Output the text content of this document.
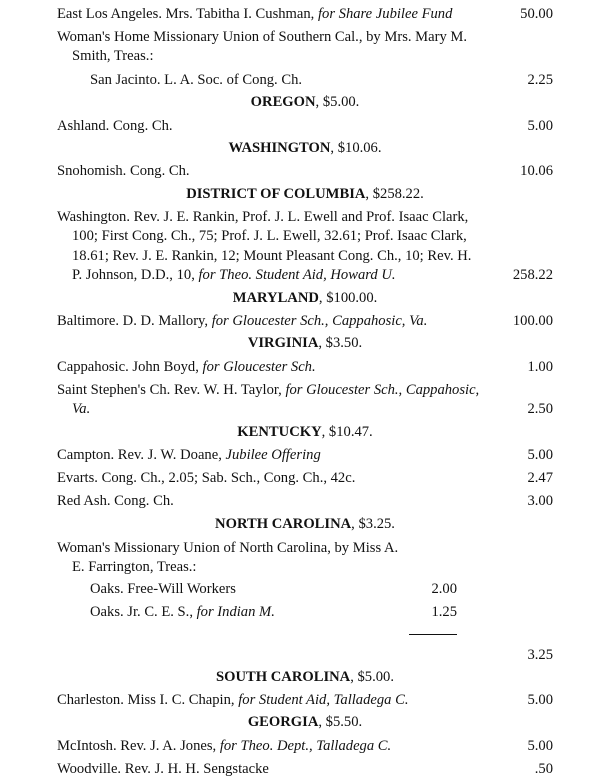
East Los Angeles. Mrs. Tabitha I. Cushman, for Share Jubilee Fund	50.00
Woman's Home Missionary Union of Southern Cal., by Mrs. Mary M.
Smith, Treas.:
San Jacinto. L. A. Soc. of Cong. Ch.	2.25
OREGON, $5.00.
Ashland. Cong. Ch.	5.00
WASHINGTON, $10.06.
Snohomish. Cong. Ch.	10.06
DISTRICT OF COLUMBIA, $258.22.
Washington. Rev. J. E. Rankin, Prof. J. L. Ewell and Prof. Isaac Clark,
100; First Cong. Ch., 75; Prof. J. L. Ewell, 32.61; Prof. Isaac Clark,
18.61; Rev. J. E. Rankin, 12; Mount Pleasant Cong. Ch., 10; Rev. H.
P. Johnson, D.D., 10, for Theo. Student Aid, Howard U.	258.22
MARYLAND, $100.00.
Baltimore. D. D. Mallory, for Gloucester Sch., Cappahosic, Va.	100.00
VIRGINIA, $3.50.
Cappahosic. John Boyd, for Gloucester Sch.	1.00
Saint Stephen's Ch. Rev. W. H. Taylor, for Gloucester Sch., Cappahosic,
Va.	2.50
KENTUCKY, $10.47.
Campton. Rev. J. W. Doane, Jubilee Offering	5.00
Evarts. Cong. Ch., 2.05; Sab. Sch., Cong. Ch., 42c.	2.47
Red Ash. Cong. Ch.	3.00
NORTH CAROLINA, $3.25.
Woman's Missionary Union of North Carolina, by Miss A.
E. Farrington, Treas.:
Oaks. Free-Will Workers	2.00
Oaks. Jr. C. E. S., for Indian M.	1.25
3.25
SOUTH CAROLINA, $5.00.
Charleston. Miss I. C. Chapin, for Student Aid, Talladega C.	5.00
GEORGIA, $5.50.
McIntosh. Rev. J. A. Jones, for Theo. Dept., Talladega C.	5.00
Woodville. Rev. J. H. H. Sengstacke	.50
